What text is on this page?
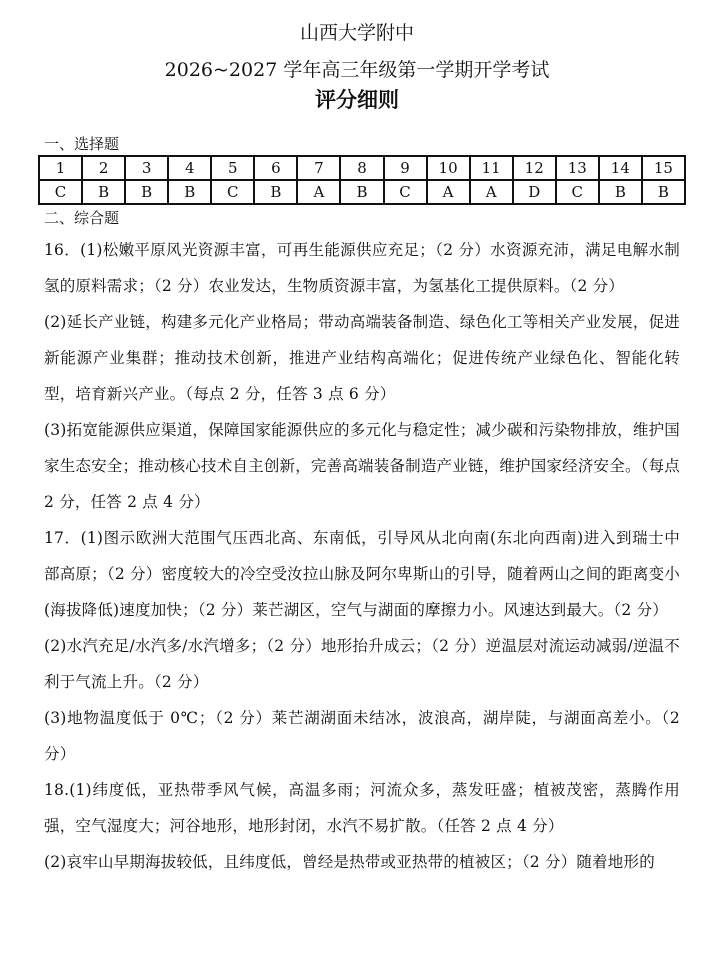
山西大学附中
2026~2027 学年高三年级第一学期开学考试
评分细则
一、选择题
1	2	3	4	5	6	7	8	9	10	11	12	13	14	15
C	B	B	B	C	B	A	B	C	A	A	D	C	B	B
二、综合题

16．(1)松嫩平原风光资源丰富，可再生能源供应充足；（2 分）水资源充沛，满足电解水制氢的原料需求；（2 分）农业发达，生物质资源丰富，为氢基化工提供原料。（2 分）

(2)延长产业链，构建多元化产业格局；带动高端装备制造、绿色化工等相关产业发展，促进新能源产业集群；推动技术创新，推进产业结构高端化；促进传统产业绿色化、智能化转型，培育新兴产业。（每点 2 分，任答 3 点 6 分）

(3)拓宽能源供应渠道，保障国家能源供应的多元化与稳定性；减少碳和污染物排放，维护国家生态安全；推动核心技术自主创新，完善高端装备制造产业链，维护国家经济安全。（每点 2 分，任答 2 点 4 分）

17．(1)图示欧洲大范围气压西北高、东南低，引导风从北向南(东北向西南)进入到瑞士中部高原；（2 分）密度较大的冷空受汝拉山脉及阿尔卑斯山的引导，随着两山之间的距离变小(海拔降低)速度加快；（2 分）莱芒湖区，空气与湖面的摩擦力小。风速达到最大。（2 分）

(2)水汽充足/水汽多/水汽增多；（2 分）地形抬升成云；（2 分）逆温层对流运动减弱/逆温不利于气流上升。（2 分）

(3)地物温度低于 0℃；（2 分）莱芒湖湖面未结冰，波浪高，湖岸陡，与湖面高差小。（2 分）

18.(1)纬度低，亚热带季风气候，高温多雨；河流众多，蒸发旺盛；植被茂密，蒸腾作用强，空气湿度大；河谷地形，地形封闭，水汽不易扩散。（任答 2 点 4 分）

(2)哀牢山早期海拔较低，且纬度低，曾经是热带或亚热带的植被区；（2 分）随着地形的
